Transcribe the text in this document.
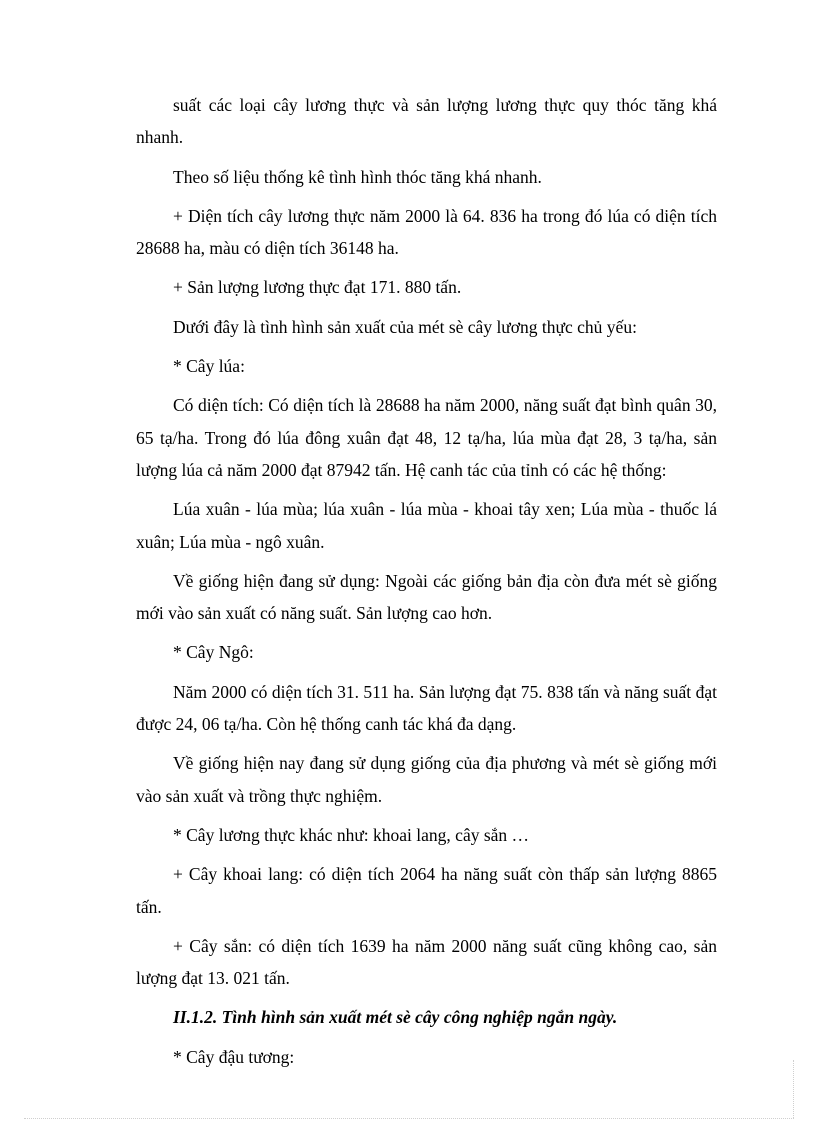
suất các loại cây lương thực và sản lượng lương thực quy thóc tăng khá nhanh.

Theo số liệu thống kê tình hình thóc tăng khá nhanh.

+ Diện tích cây lương thực năm 2000 là 64. 836 ha trong đó lúa có diện tích 28688 ha, màu có diện tích 36148 ha.

+ Sản lượng lương thực đạt 171. 880 tấn.

Dưới đây là tình hình sản xuất của mét sè cây lương thực chủ yếu:

* Cây lúa:

Có diện tích: Có diện tích là 28688 ha năm 2000, năng suất đạt bình quân 30, 65 tạ/ha. Trong đó lúa đông xuân đạt 48, 12 tạ/ha, lúa mùa đạt 28, 3 tạ/ha, sản lượng lúa cả năm 2000 đạt 87942 tấn. Hệ canh tác của tỉnh có các hệ thống:

Lúa xuân - lúa mùa; lúa xuân - lúa mùa - khoai tây xen; Lúa mùa - thuốc lá xuân; Lúa mùa - ngô xuân.

Về giống hiện đang sử dụng: Ngoài các giống bản địa còn đưa mét sè giống mới vào sản xuất có năng suất. Sản lượng cao hơn.

* Cây Ngô:

Năm 2000 có diện tích 31. 511 ha. Sản lượng đạt 75. 838 tấn và năng suất đạt được 24, 06 tạ/ha. Còn hệ thống canh tác khá đa dạng.

Về giống hiện nay đang sử dụng giống của địa phương và mét sè giống mới vào sản xuất và trồng thực nghiệm.

* Cây lương thực khác như: khoai lang, cây sắn …

+ Cây khoai lang: có diện tích 2064 ha năng suất còn thấp sản lượng 8865 tấn.

+ Cây sắn: có diện tích 1639 ha năm 2000 năng suất cũng không cao, sản lượng đạt 13. 021 tấn.

II.1.2. Tình hình sản xuất mét sè cây công nghiệp ngắn ngày.

* Cây đậu tương:
